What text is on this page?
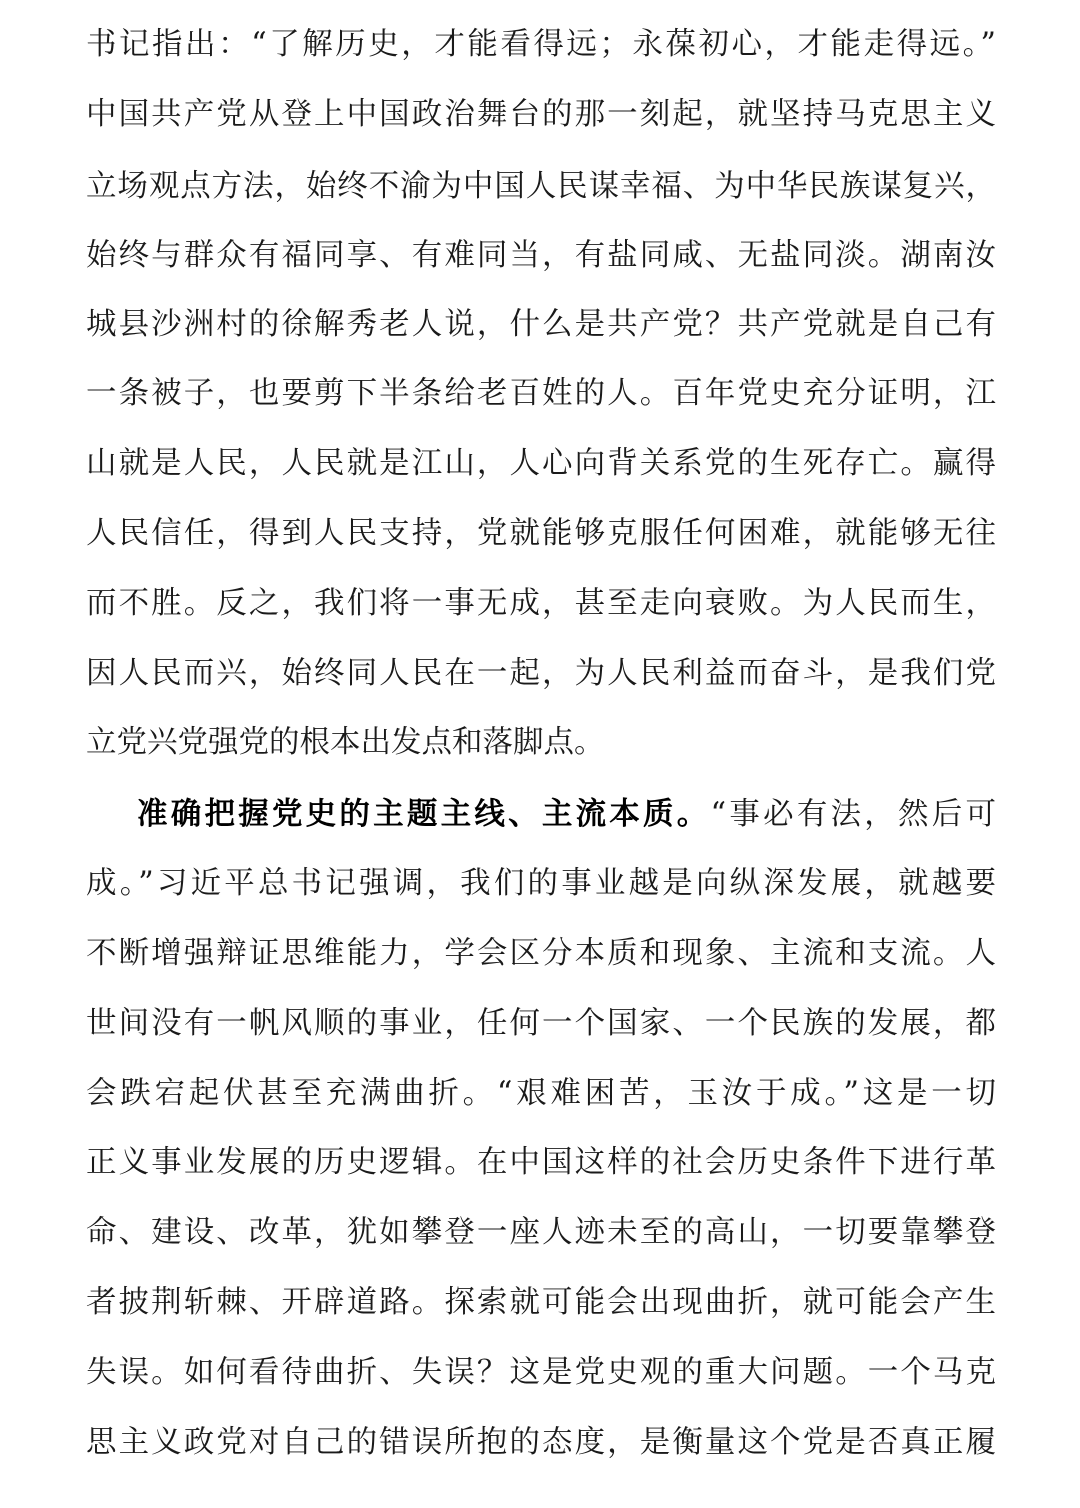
书记指出：“了解历史，才能看得远；永葆初心，才能走得远。”
中国共产党从登上中国政治舞台的那一刻起，就坚持马克思主义
立场观点方法，始终不渝为中国人民谋幸福、为中华民族谋复兴，
始终与群众有福同享、有难同当，有盐同咸、无盐同淡。湖南汝
城县沙洲村的徐解秀老人说，什么是共产党？共产党就是自己有
一条被子，也要剪下半条给老百姓的人。百年党史充分证明，江
山就是人民，人民就是江山，人心向背关系党的生死存亡。赢得
人民信任，得到人民支持，党就能够克服任何困难，就能够无往
而不胜。反之，我们将一事无成，甚至走向衰败。为人民而生，
因人民而兴，始终同人民在一起，为人民利益而奋斗，是我们党
立党兴党强党的根本出发点和落脚点。
准确把握党史的主题主线、主流本质。“事必有法，然后可
成。”习近平总书记强调，我们的事业越是向纵深发展，就越要
不断增强辩证思维能力，学会区分本质和现象、主流和支流。人
世间没有一帆风顺的事业，任何一个国家、一个民族的发展，都
会跌宕起伏甚至充满曲折。“艰难困苦，玉汝于成。”这是一切
正义事业发展的历史逻辑。在中国这样的社会历史条件下进行革
命、建设、改革，犹如攀登一座人迹未至的高山，一切要靠攀登
者披荆斩棘、开辟道路。探索就可能会出现曲折，就可能会产生
失误。如何看待曲折、失误？这是党史观的重大问题。一个马克
思主义政党对自己的错误所抱的态度，是衡量这个党是否真正履
